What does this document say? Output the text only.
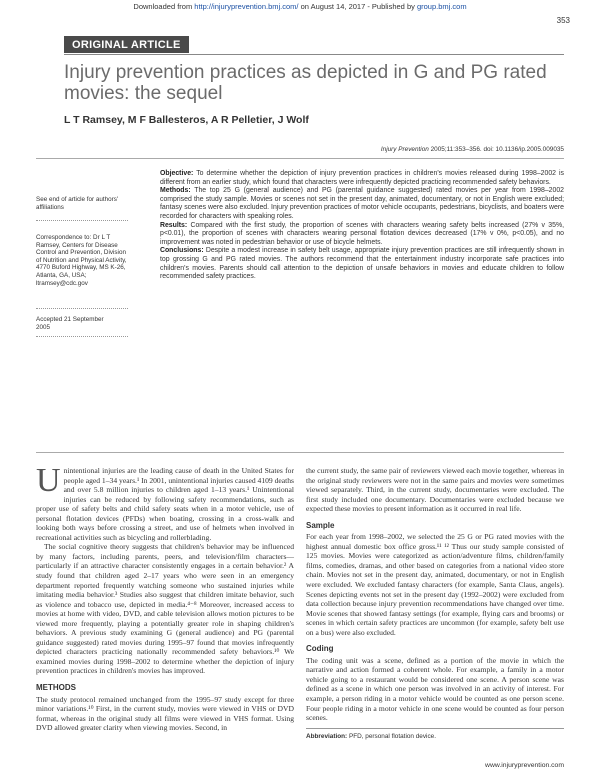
Downloaded from http://injuryprevention.bmj.com/ on August 14, 2017 - Published by group.bmj.com
353
ORIGINAL ARTICLE
Injury prevention practices as depicted in G and PG rated movies: the sequel
L T Ramsey, M F Ballesteros, A R Pelletier, J Wolf
Injury Prevention 2005;11:353–356. doi: 10.1136/ip.2005.009035
See end of article for authors' affiliations
Correspondence to: Dr L T Ramsey, Centers for Disease Control and Prevention, Division of Nutrition and Physical Activity, 4770 Buford Highway, MS K-26, Atlanta, GA, USA; ltramsey@cdc.gov
Accepted 21 September 2005

Objective: To determine whether the depiction of injury prevention practices in children's movies released during 1998–2002 is different from an earlier study, which found that characters were infrequently depicted practicing recommended safety behaviors.

Methods: The top 25 G (general audience) and PG (parental guidance suggested) rated movies per year from 1998–2002 comprised the study sample. Movies or scenes not set in the present day, animated, documentary, or not in English were excluded; fantasy scenes were also excluded. Injury prevention practices of motor vehicle occupants, pedestrians, bicyclists, and boaters were recorded for characters with speaking roles.

Results: Compared with the first study, the proportion of scenes with characters wearing safety belts increased (27% v 35%, p<0.01), the proportion of scenes with characters wearing personal flotation devices decreased (17% v 0%, p<0.05), and no improvement was noted in pedestrian behavior or use of bicycle helmets.

Conclusions: Despite a modest increase in safety belt usage, appropriate injury prevention practices are still infrequently shown in top grossing G and PG rated movies. The authors recommend that the entertainment industry incorporate safe practices into children's movies. Parents should call attention to the depiction of unsafe behaviors in movies and educate children to follow recommended safety practices.

Unintentional injuries are the leading cause of death in the United States for people aged 1–34 years.¹ In 2001, unintentional injuries caused 4109 deaths and over 5.8 million injuries to children aged 1–13 years.¹ Unintentional injuries can be reduced by following safety recommendations, such as proper use of safety belts and child safety seats when in a motor vehicle, use of personal flotation devices (PFDs) when boating, crossing in a cross-walk and looking both ways before crossing a street, and use of helmets when involved in recreational activities such as bicycling and rollerblading.

The social cognitive theory suggests that children's behavior may be influenced by many factors, including parents, peers, and television/film characters—particularly if an attractive character consistently engages in a certain behavior.² A study found that children aged 2–17 years who were seen in an emergency department reported frequently watching someone who sustained injuries while imitating media behavior.³ Studies also suggest that children imitate behavior, such as violence and tobacco use, depicted in media.⁴⁻⁸ Moreover, increased access to movies at home with video, DVD, and cable television allows motion pictures to be viewed more frequently, playing a potentially greater role in shaping children's behaviors. A previous study examining G (general audience) and PG (parental guidance suggested) rated movies during 1995–97 found that movies infrequently depicted characters practicing nationally recommended safety behaviors.¹⁰ We examined movies during 1998–2002 to determine whether the depiction of injury prevention practices in children's movies has improved.

METHODS

The study protocol remained unchanged from the 1995–97 study except for three minor variations.¹⁰ First, in the current study, movies were viewed in VHS or DVD format, whereas in the original study all films were viewed in VHS format. Using DVD allowed greater clarity when viewing movies. Second, in

the current study, the same pair of reviewers viewed each movie together, whereas in the original study reviewers were not in the same pairs and movies were sometimes viewed separately. Third, in the current study, documentaries were excluded. The first study included one documentary. Documentaries were excluded because we expected these movies to present information as it occurred in real life.

Sample

For each year from 1998–2002, we selected the 25 G or PG rated movies with the highest annual domestic box office gross.¹¹ ¹² Thus our study sample consisted of 125 movies. Movies were categorized as action/adventure films, children/family films, comedies, dramas, and other based on categories from a national video store chain. Movies not set in the present day, animated, documentary, or not in English were excluded. We excluded fantasy characters (for example, Santa Claus, angels). Scenes depicting events not set in the present day (1992–2002) were excluded from data collection because injury prevention recommendations have changed over time. Movie scenes that showed fantasy settings (for example, flying cars and brooms) or scenes in which certain safety practices are uncommon (for example, safety belt use on a bus) were also excluded.

Coding

The coding unit was a scene, defined as a portion of the movie in which the narrative and action formed a coherent whole. For example, a family in a motor vehicle going to a restaurant would be considered one scene. A person scene was defined as a scene in which one person was involved in an activity of interest. For example, a person riding in a motor vehicle would be counted as one person scene. Four people riding in a motor vehicle in one scene would be counted as four person scenes.

Abbreviation: PFD, personal flotation device.
www.injuryprevention.com
